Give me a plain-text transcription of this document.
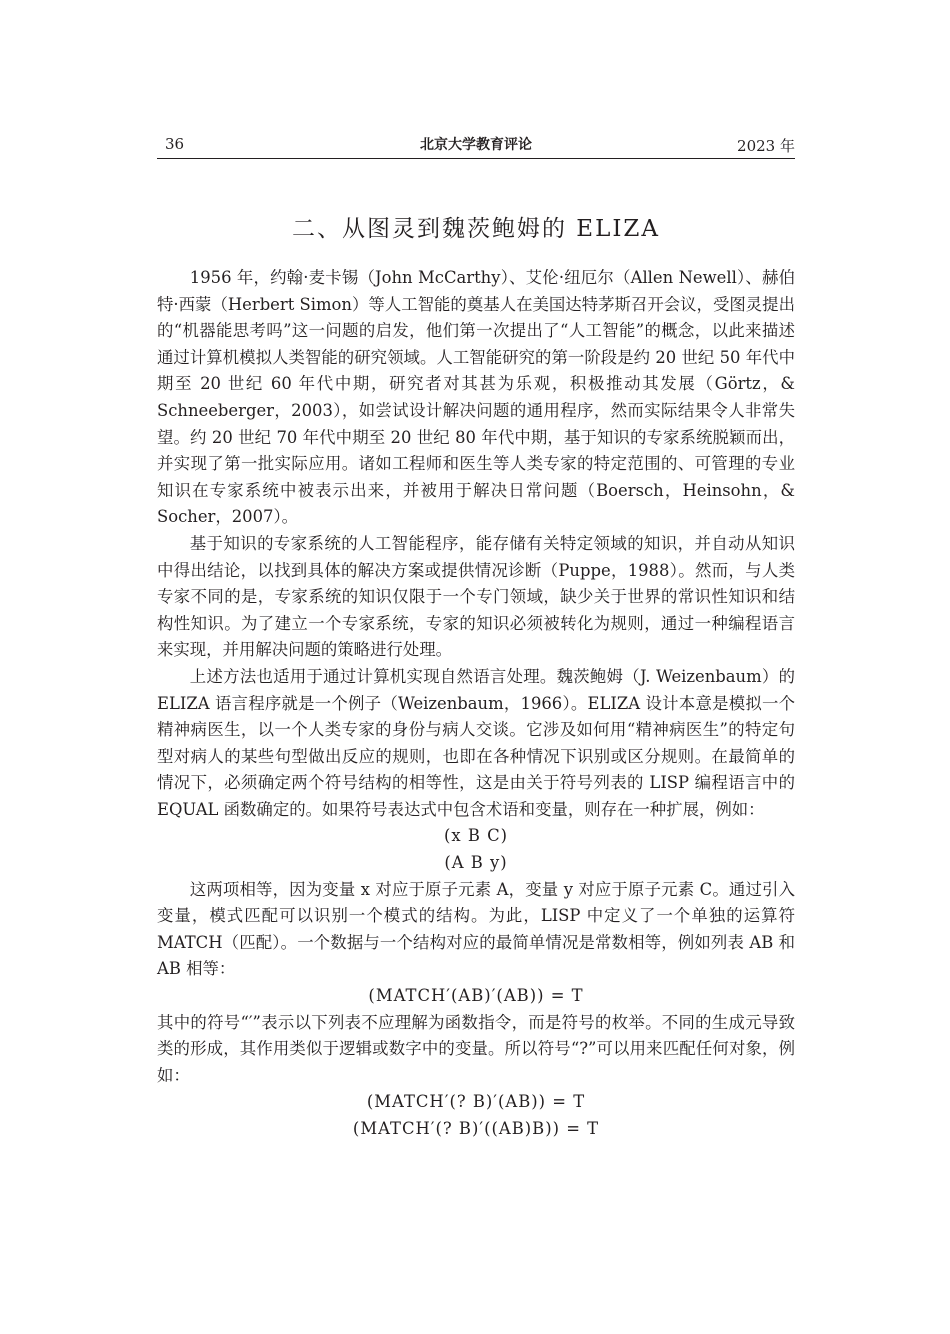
36	北京大学教育评论	2023 年
二、从图灵到魏茨鲍姆的 ELIZA

1956 年，约翰·麦卡锡（John McCarthy）、艾伦·纽厄尔（Allen Newell）、赫伯特·西蒙（Herbert Simon）等人工智能的奠基人在美国达特茅斯召开会议，受图灵提出的“机器能思考吗”这一问题的启发，他们第一次提出了“人工智能”的概念，以此来描述通过计算机模拟人类智能的研究领域。人工智能研究的第一阶段是约 20 世纪 50 年代中期至 20 世纪 60 年代中期，研究者对其甚为乐观，积极推动其发展（Görtz，& Schneeberger，2003），如尝试设计解决问题的通用程序，然而实际结果令人非常失望。约 20 世纪 70 年代中期至 20 世纪 80 年代中期，基于知识的专家系统脱颖而出，并实现了第一批实际应用。诸如工程师和医生等人类专家的特定范围的、可管理的专业知识在专家系统中被表示出来，并被用于解决日常问题（Boersch，Heinsohn，& Socher，2007）。

基于知识的专家系统的人工智能程序，能存储有关特定领域的知识，并自动从知识中得出结论，以找到具体的解决方案或提供情况诊断（Puppe，1988）。然而，与人类专家不同的是，专家系统的知识仅限于一个专门领域，缺少关于世界的常识性知识和结构性知识。为了建立一个专家系统，专家的知识必须被转化为规则，通过一种编程语言来实现，并用解决问题的策略进行处理。

上述方法也适用于通过计算机实现自然语言处理。魏茨鲍姆（J. Weizenbaum）的 ELIZA 语言程序就是一个例子（Weizenbaum，1966）。ELIZA 设计本意是模拟一个精神病医生，以一个人类专家的身份与病人交谈。它涉及如何用“精神病医生”的特定句型对病人的某些句型做出反应的规则，也即在各种情况下识别或区分规则。在最简单的情况下，必须确定两个符号结构的相等性，这是由关于符号列表的 LISP 编程语言中的 EQUAL 函数确定的。如果符号表达式中包含术语和变量，则存在一种扩展，例如：

(x B C)
(A B y)

这两项相等，因为变量 x 对应于原子元素 A，变量 y 对应于原子元素 C。通过引入变量，模式匹配可以识别一个模式的结构。为此，LISP 中定义了一个单独的运算符 MATCH（匹配）。一个数据与一个结构对应的最简单情况是常数相等，例如列表 AB 和 AB 相等：

(MATCH′(AB)′(AB)) = T

其中的符号“′”表示以下列表不应理解为函数指令，而是符号的枚举。不同的生成元导致类的形成，其作用类似于逻辑或数字中的变量。所以符号“?”可以用来匹配任何对象，例如：

(MATCH′(? B)′(AB)) = T
(MATCH′(? B)′((AB)B)) = T
